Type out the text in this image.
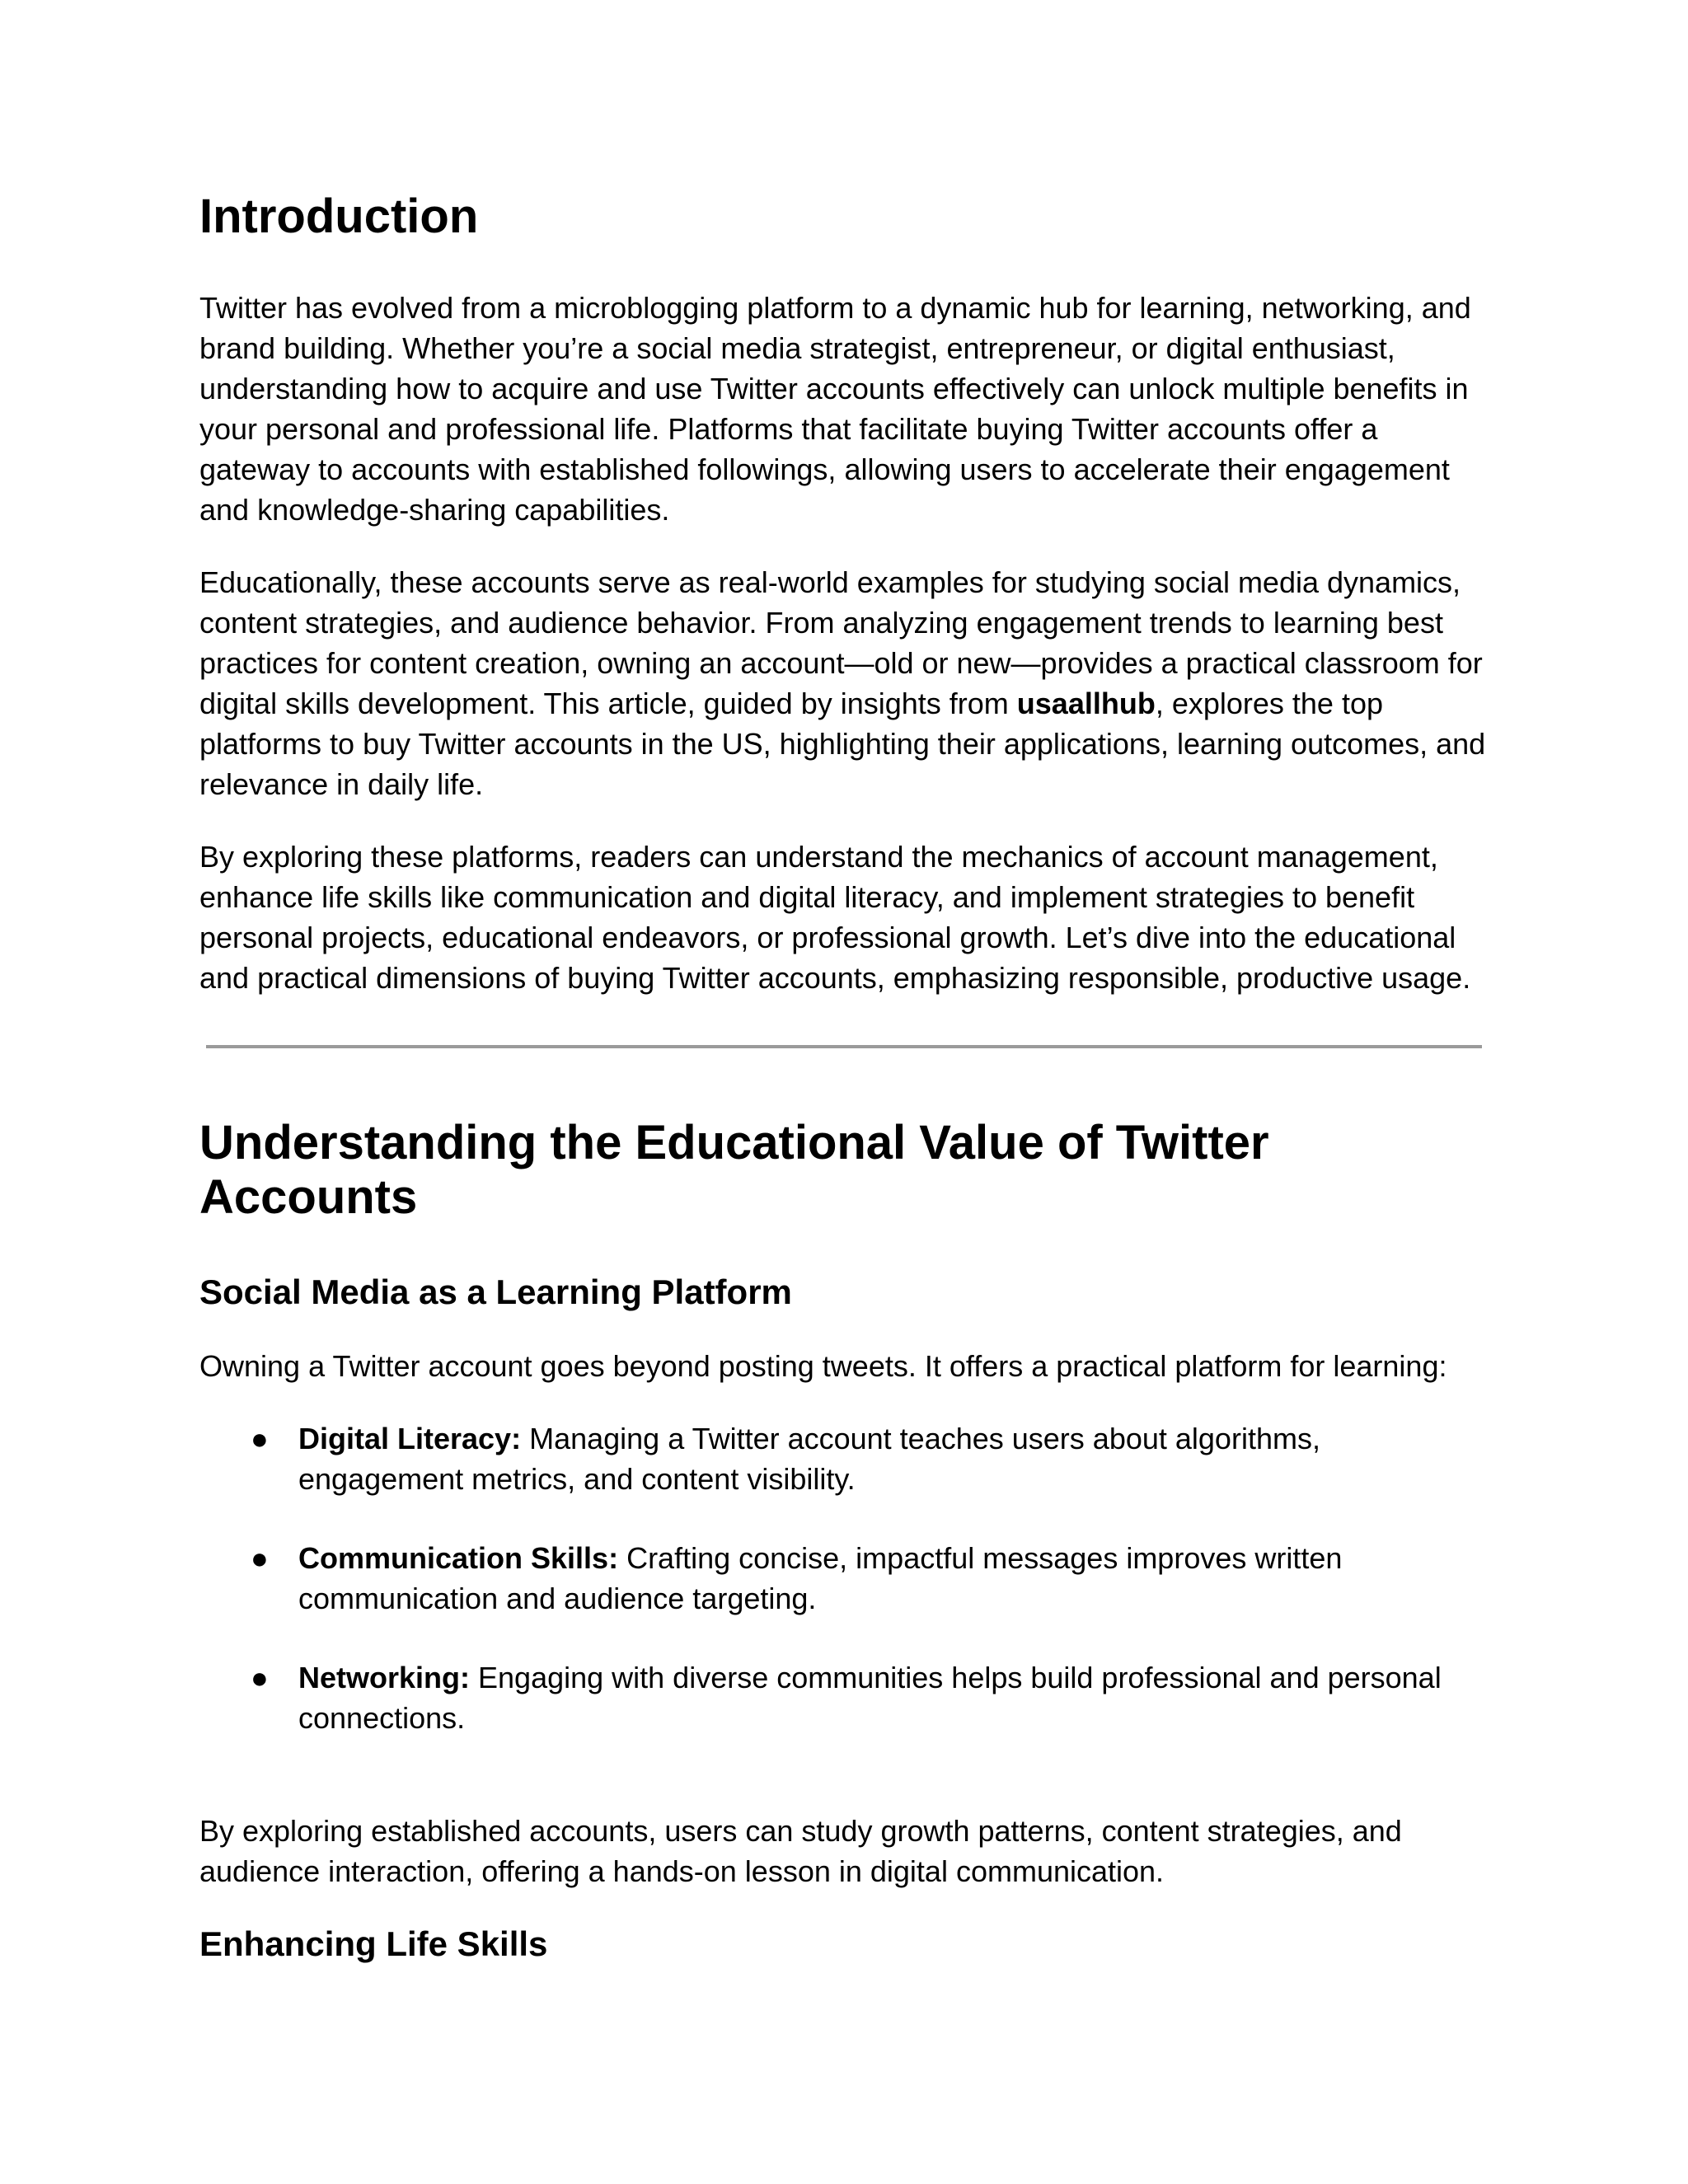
Introduction

Twitter has evolved from a microblogging platform to a dynamic hub for learning, networking, and brand building. Whether you’re a social media strategist, entrepreneur, or digital enthusiast, understanding how to acquire and use Twitter accounts effectively can unlock multiple benefits in your personal and professional life. Platforms that facilitate buying Twitter accounts offer a gateway to accounts with established followings, allowing users to accelerate their engagement and knowledge-sharing capabilities.

Educationally, these accounts serve as real-world examples for studying social media dynamics, content strategies, and audience behavior. From analyzing engagement trends to learning best practices for content creation, owning an account—old or new—provides a practical classroom for digital skills development. This article, guided by insights from usaallhub, explores the top platforms to buy Twitter accounts in the US, highlighting their applications, learning outcomes, and relevance in daily life.

By exploring these platforms, readers can understand the mechanics of account management, enhance life skills like communication and digital literacy, and implement strategies to benefit personal projects, educational endeavors, or professional growth. Let’s dive into the educational and practical dimensions of buying Twitter accounts, emphasizing responsible, productive usage.

Understanding the Educational Value of Twitter Accounts
Social Media as a Learning Platform

Owning a Twitter account goes beyond posting tweets. It offers a practical platform for learning:

● Digital Literacy: Managing a Twitter account teaches users about algorithms, engagement metrics, and content visibility.
● Communication Skills: Crafting concise, impactful messages improves written communication and audience targeting.
● Networking: Engaging with diverse communities helps build professional and personal connections.

By exploring established accounts, users can study growth patterns, content strategies, and audience interaction, offering a hands-on lesson in digital communication.

Enhancing Life Skills
